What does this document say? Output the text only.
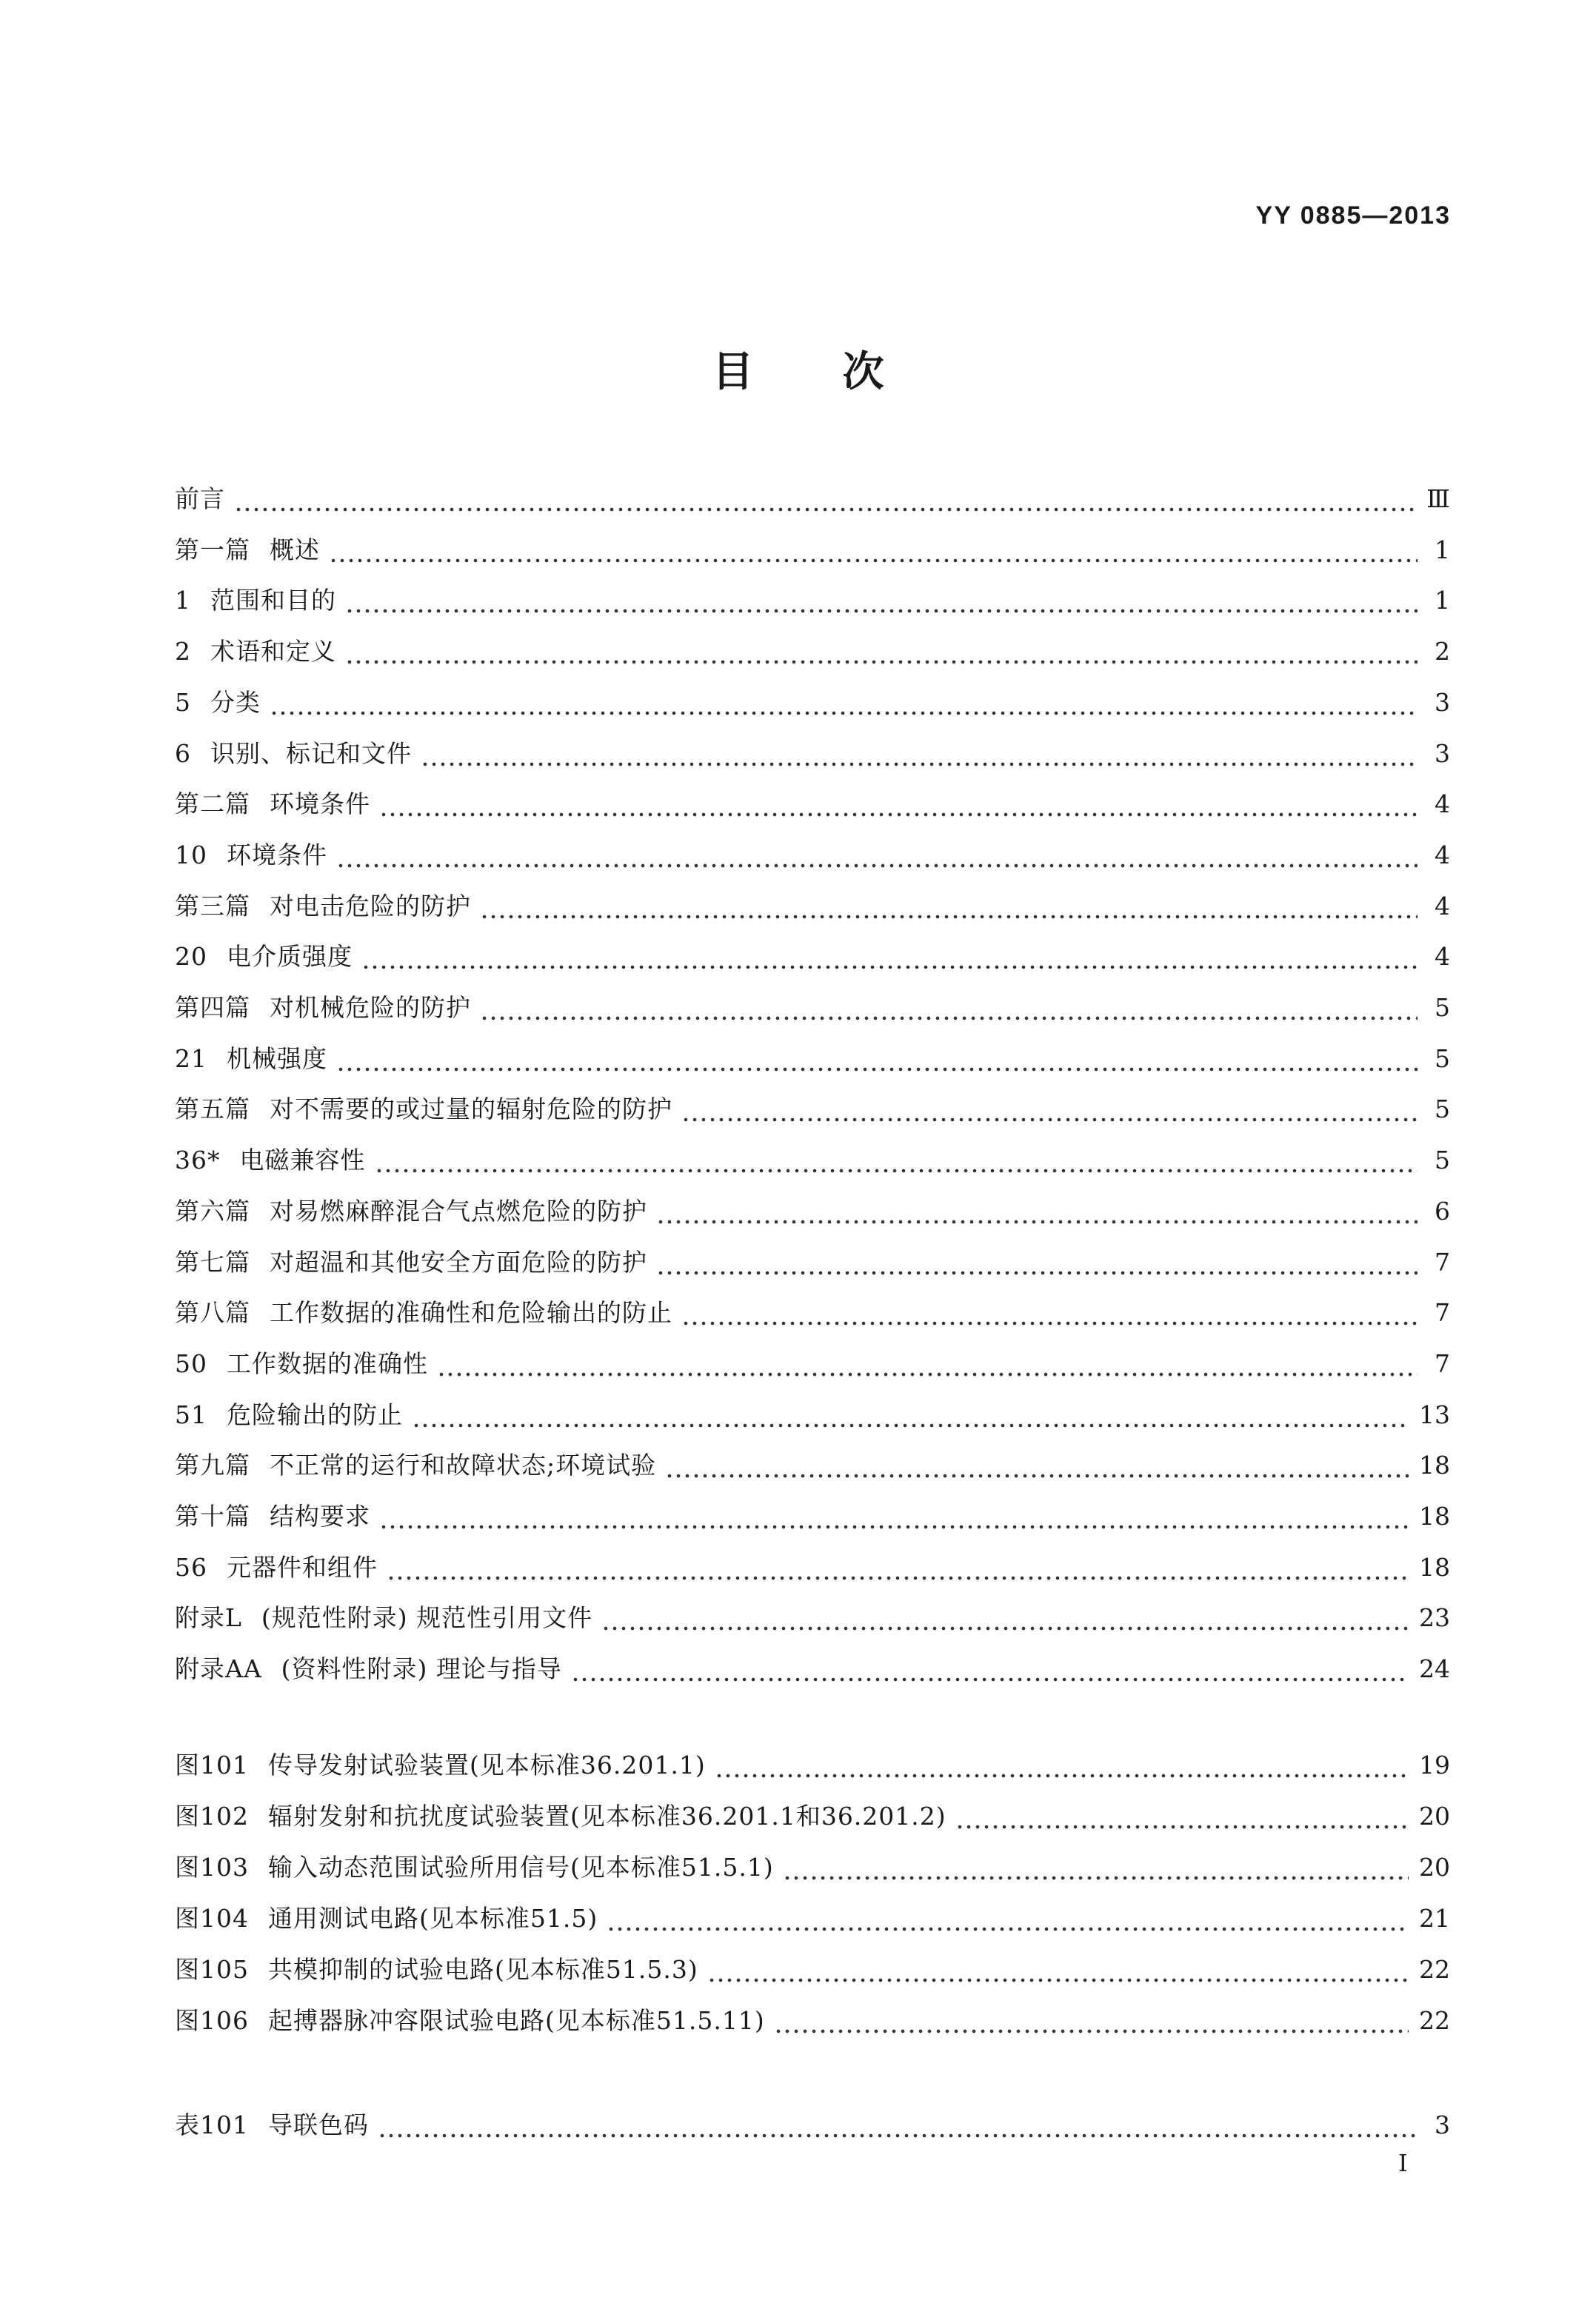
YY 0885—2013
目次
前言	Ⅲ
第一篇 概述	1
1 范围和目的	1
2 术语和定义	2
5 分类	3
6 识别、标记和文件	3
第二篇 环境条件	4
10 环境条件	4
第三篇 对电击危险的防护	4
20 电介质强度	4
第四篇 对机械危险的防护	5
21 机械强度	5
第五篇 对不需要的或过量的辐射危险的防护	5
36* 电磁兼容性	5
第六篇 对易燃麻醉混合气点燃危险的防护	6
第七篇 对超温和其他安全方面危险的防护	7
第八篇 工作数据的准确性和危险输出的防止	7
50 工作数据的准确性	7
51 危险输出的防止	13
第九篇 不正常的运行和故障状态;环境试验	18
第十篇 结构要求	18
56 元器件和组件	18
附录L (规范性附录) 规范性引用文件	23
附录AA (资料性附录) 理论与指导	24
图101 传导发射试验装置(见本标准36.201.1)	19
图102 辐射发射和抗扰度试验装置(见本标准36.201.1和36.201.2)	20
图103 输入动态范围试验所用信号(见本标准51.5.1)	20
图104 通用测试电路(见本标准51.5)	21
图105 共模抑制的试验电路(见本标准51.5.3)	22
图106 起搏器脉冲容限试验电路(见本标准51.5.11)	22
表101 导联色码	3
I
